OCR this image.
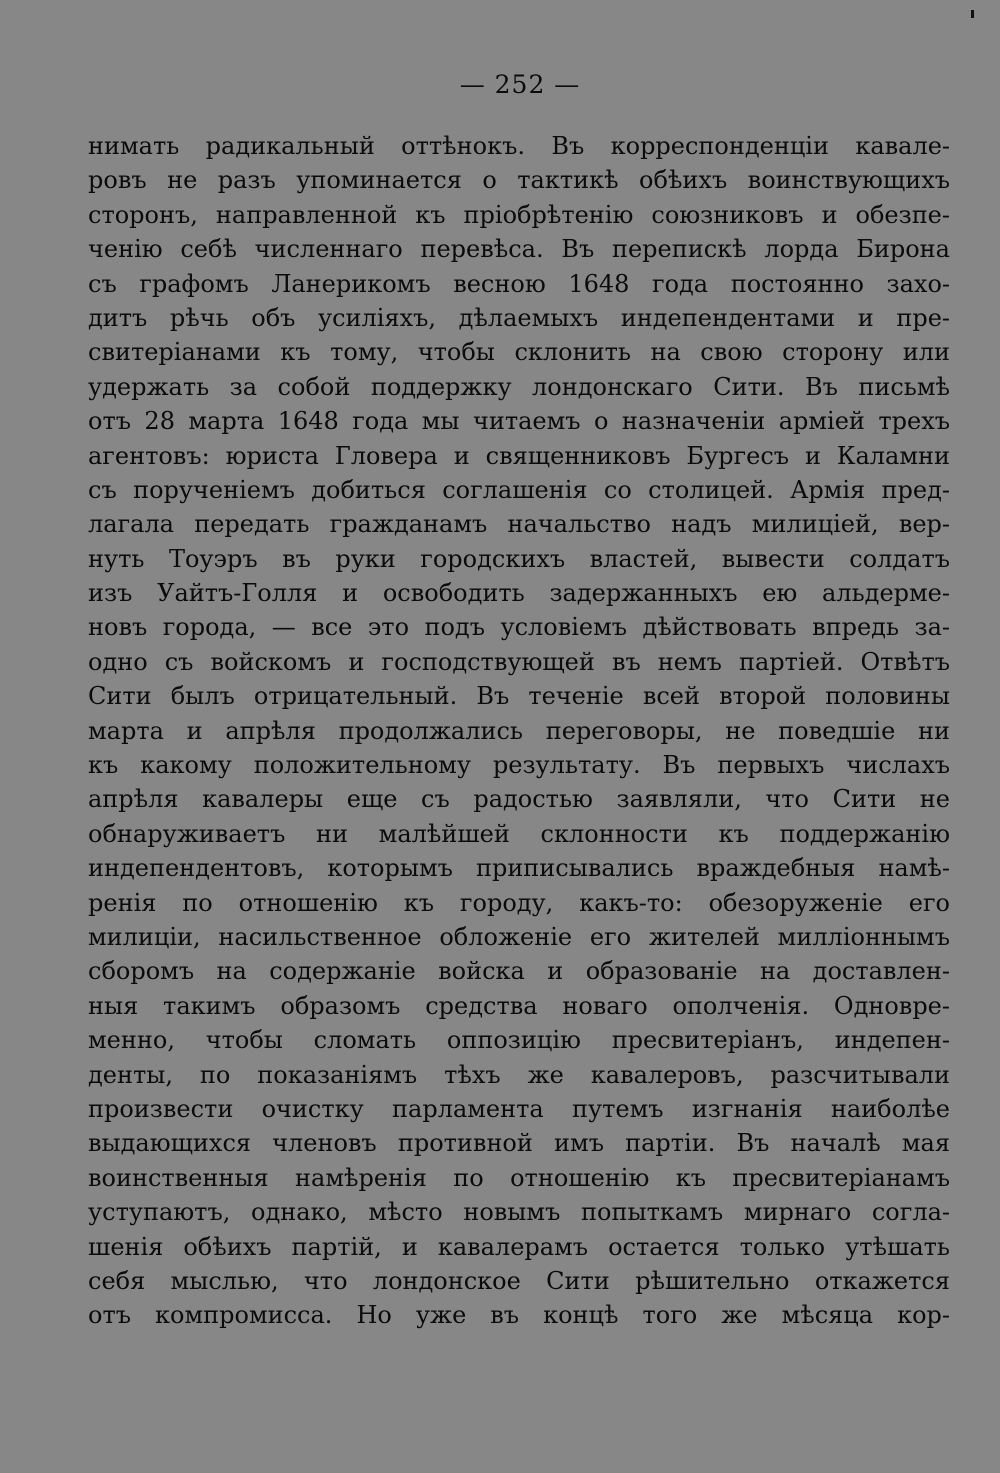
— 252 —
нимать радикальный оттѣнокъ. Въ корреспонденціи кавале-
ровъ не разъ упоминается о тактикѣ обѣихъ воинствующихъ
сторонъ, направленной къ пріобрѣтенію союзниковъ и обезпе-
ченію себѣ численнаго перевѣса. Въ перепискѣ лорда Бирона
съ графомъ Ланерикомъ весною 1648 года постоянно захо-
дитъ рѣчь объ усиліяхъ, дѣлаемыхъ индепендентами и пре-
свитеріанами къ тому, чтобы склонить на свою сторону или
удержать за собой поддержку лондонскаго Сити. Въ письмѣ
отъ 28 марта 1648 года мы читаемъ о назначеніи арміей трехъ
агентовъ: юриста Гловера и священниковъ Бургесъ и Каламни
съ порученіемъ добиться соглашенія со столицей. Армія пред-
лагала передать гражданамъ начальство надъ милиціей, вер-
нуть Тоуэръ въ руки городскихъ властей, вывести солдатъ
изъ Уайтъ-Голля и освободить задержанныхъ ею альдерме-
новъ города, — все это подъ условіемъ дѣйствовать впредь за-
одно съ войскомъ и господствующей въ немъ партіей. Отвѣтъ
Сити былъ отрицательный. Въ теченіе всей второй половины
марта и апрѣля продолжались переговоры, не поведшіе ни
къ какому положительному результату. Въ первыхъ числахъ
апрѣля кавалеры еще съ радостью заявляли, что Сити не
обнаруживаетъ ни малѣйшей склонности къ поддержанію
индепендентовъ, которымъ приписывались враждебныя намѣ-
ренія по отношенію къ городу, какъ-то: обезоруженіе его
милиціи, насильственное обложеніе его жителей милліоннымъ
сборомъ на содержаніе войска и образованіе на доставлен-
ныя такимъ образомъ средства новаго ополченія. Одновре-
менно, чтобы сломать оппозицію пресвитеріанъ, индепен-
денты, по показаніямъ тѣхъ же кавалеровъ, разсчитывали
произвести очистку парламента путемъ изгнанія наиболѣе
выдающихся членовъ противной имъ партіи. Въ началѣ мая
воинственныя намѣренія по отношенію къ пресвитеріанамъ
уступаютъ, однако, мѣсто новымъ попыткамъ мирнаго согла-
шенія обѣихъ партій, и кавалерамъ остается только утѣшать
себя мыслью, что лондонское Сити рѣшительно откажется
отъ компромисса. Но уже въ концѣ того же мѣсяца кор-
